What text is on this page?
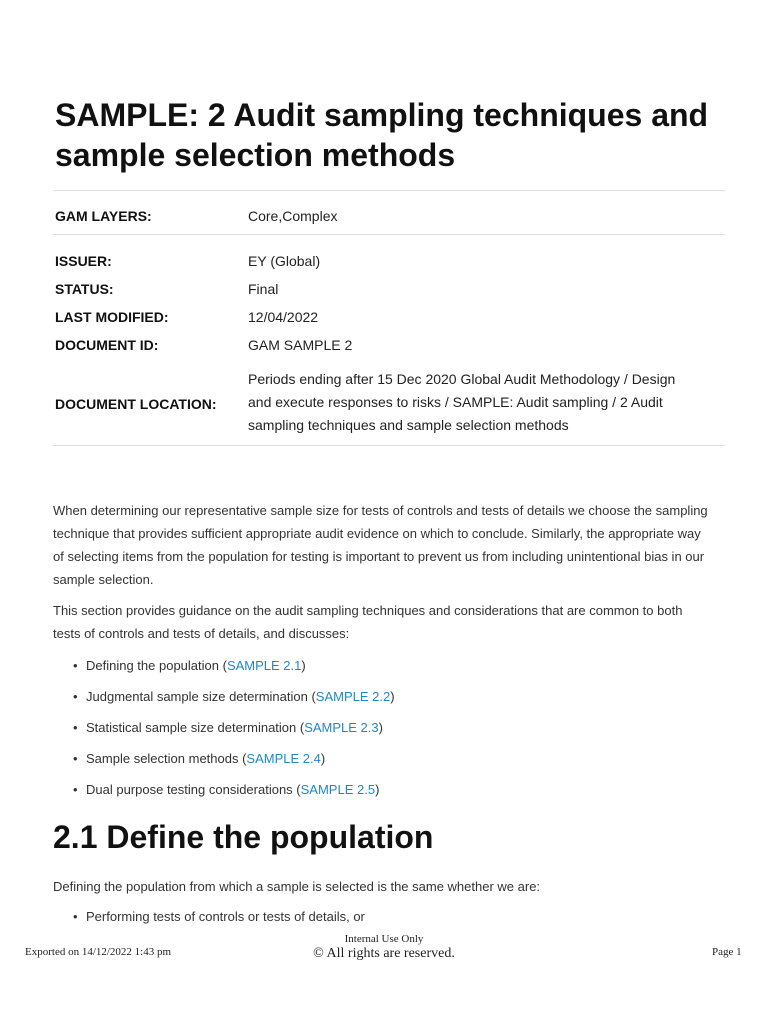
SAMPLE: 2 Audit sampling techniques and sample selection methods
GAM LAYERS:	Core,Complex
ISSUER:	EY (Global)
STATUS:	Final
LAST MODIFIED:	12/04/2022
DOCUMENT ID:	GAM SAMPLE 2
DOCUMENT LOCATION:
Periods ending after 15 Dec 2020 Global Audit Methodology / Design and execute responses to risks / SAMPLE: Audit sampling / 2 Audit sampling techniques and sample selection methods

When determining our representative sample size for tests of controls and tests of details we choose the sampling technique that provides sufficient appropriate audit evidence on which to conclude. Similarly, the appropriate way of selecting items from the population for testing is important to prevent us from including unintentional bias in our sample selection.

This section provides guidance on the audit sampling techniques and considerations that are common to both tests of controls and tests of details, and discusses:

• Defining the population (SAMPLE 2.1)
• Judgmental sample size determination (SAMPLE 2.2)
• Statistical sample size determination (SAMPLE 2.3)
• Sample selection methods (SAMPLE 2.4)
• Dual purpose testing considerations (SAMPLE 2.5)
2.1 Define the population

Defining the population from which a sample is selected is the same whether we are:

• Performing tests of controls or tests of details, or
Exported on 14/12/2022 1:43 pm
Internal Use Only
© All rights are reserved.	Page 1
